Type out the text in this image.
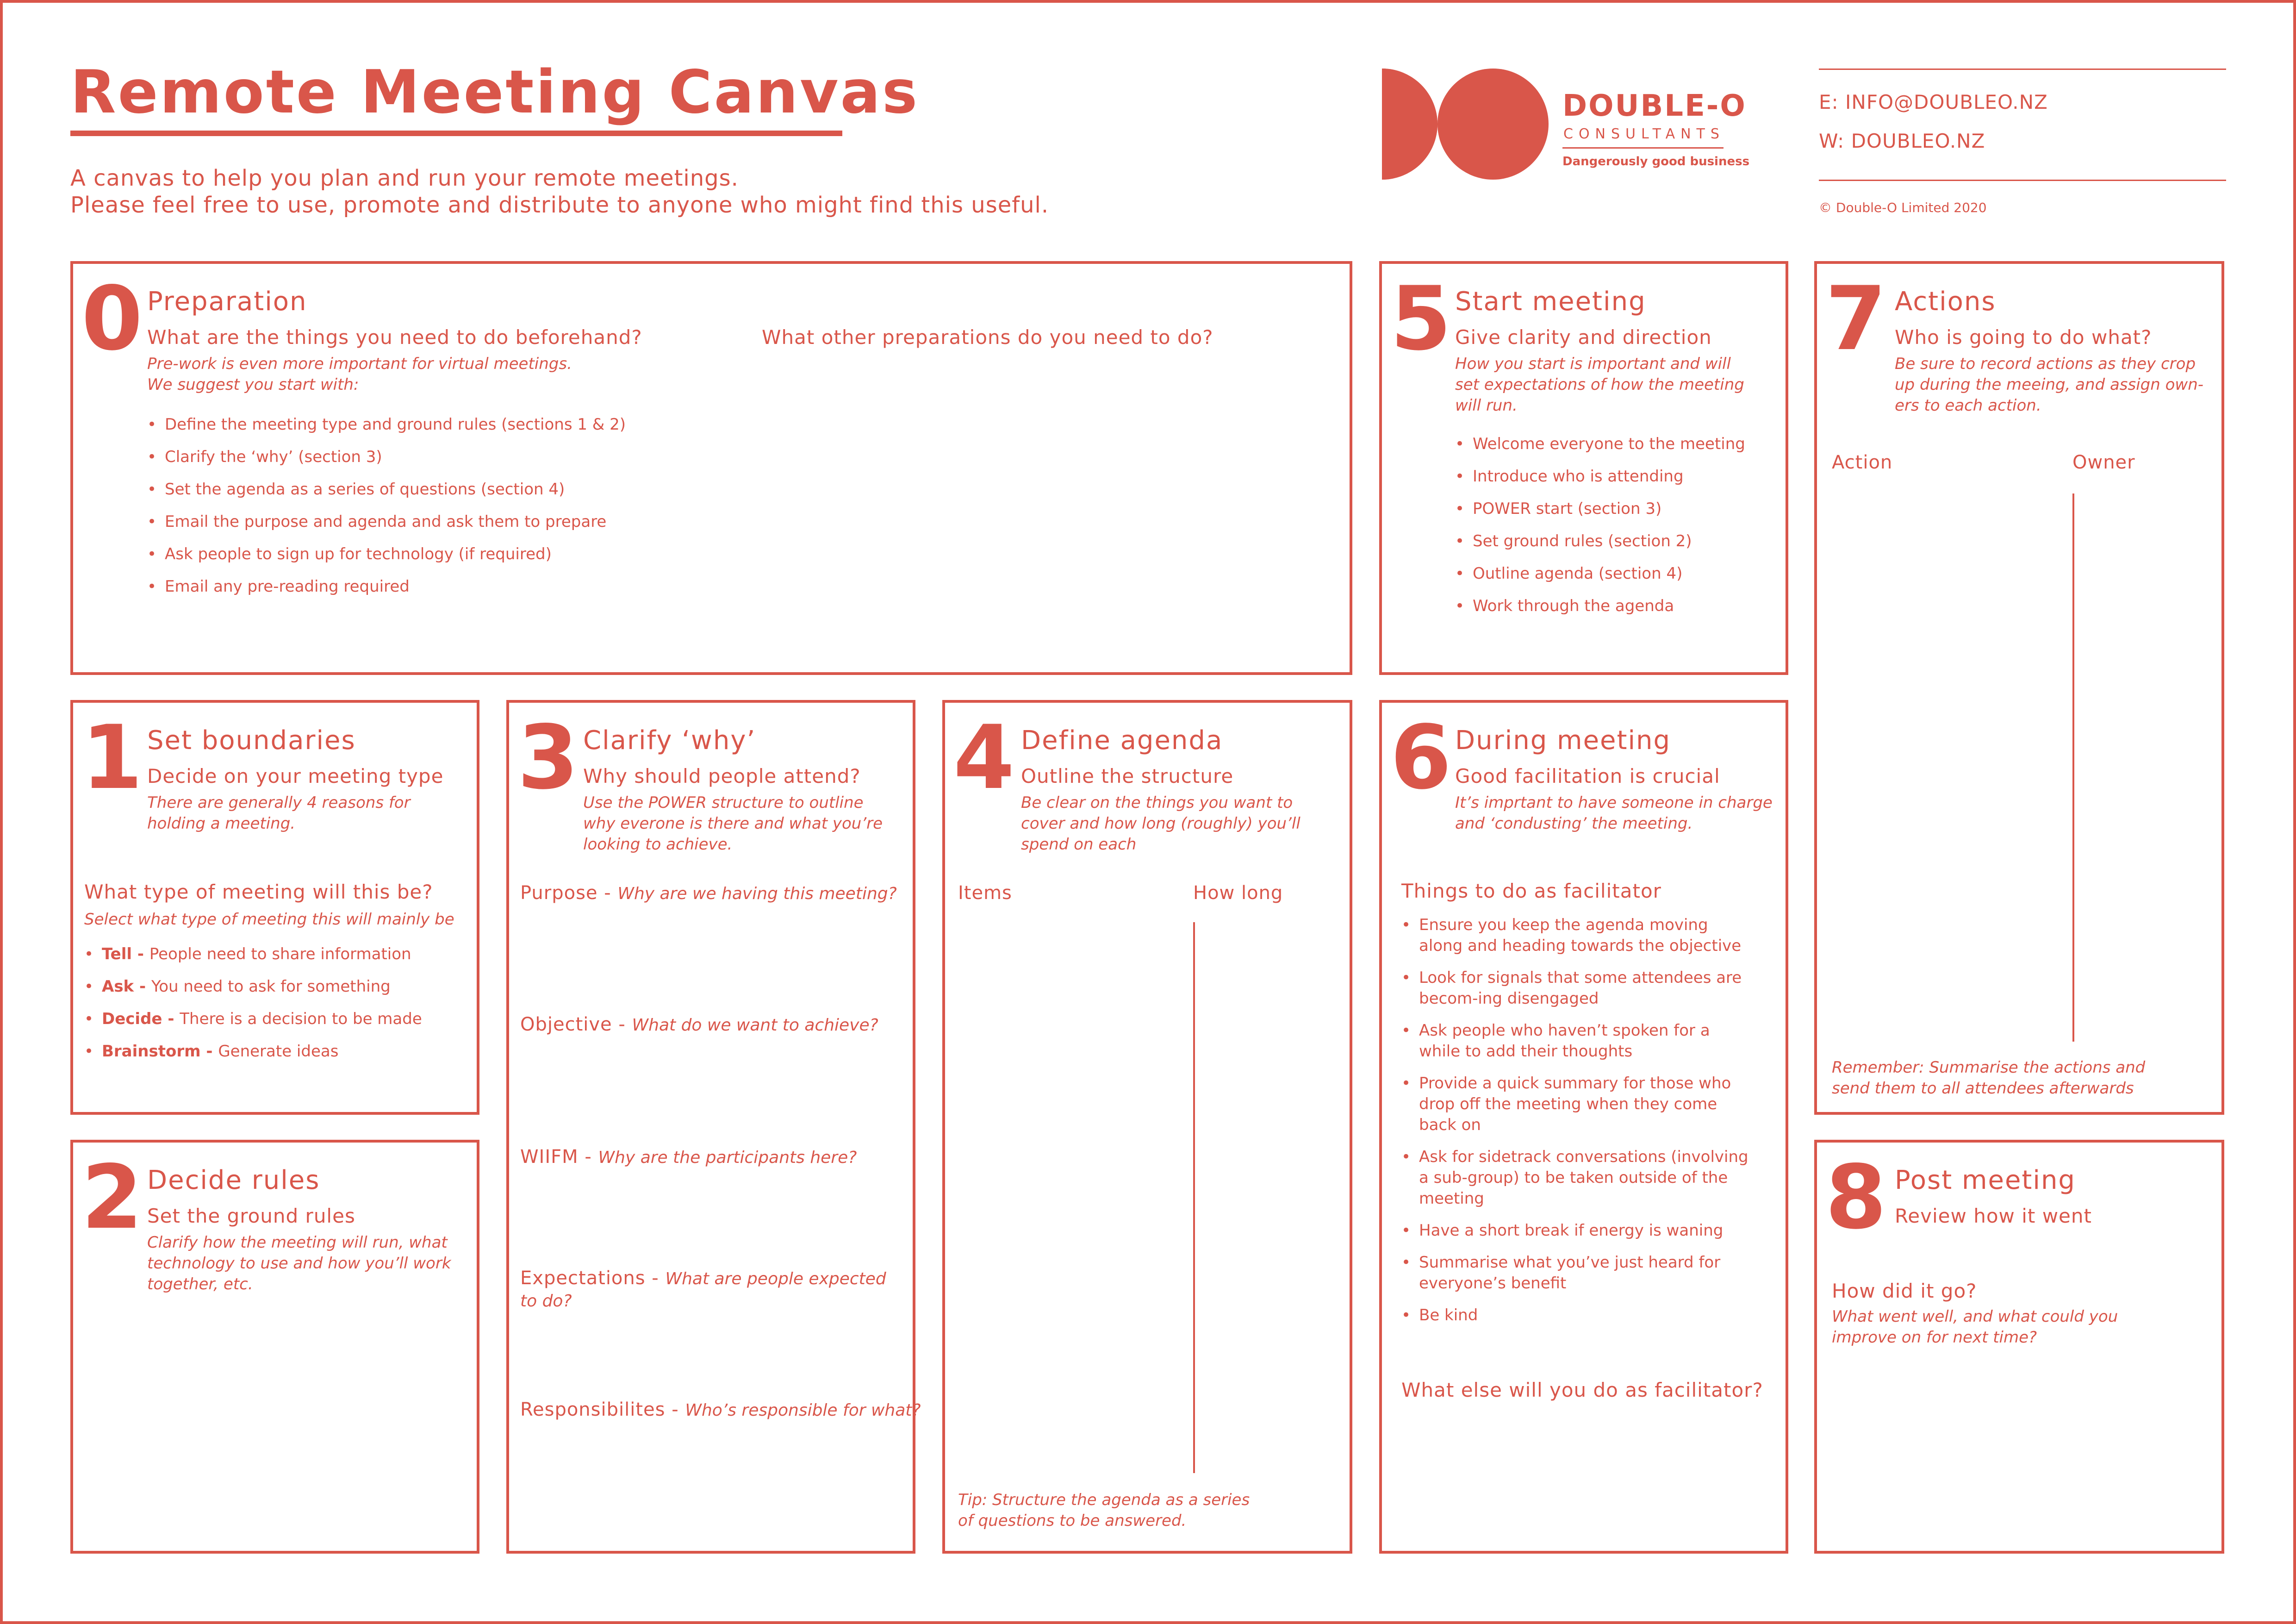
Remote Meeting Canvas
A canvas to help you plan and run your remote meetings.
Please feel free to use, promote and distribute to anyone who might find this useful.
DOUBLE-O
CONSULTANTS
Dangerously good business
E: INFO@DOUBLEO.NZ
W: DOUBLEO.NZ
© Double-O Limited 2020
0 Preparation
What are the things you need to do beforehand?
Pre-work is even more important for virtual meetings.
We suggest you start with:
• Define the meeting type and ground rules (sections 1 & 2)
• Clarify the ‘why’ (section 3)
• Set the agenda as a series of questions (section 4)
• Email the purpose and agenda and ask them to prepare
• Ask people to sign up for technology (if required)
• Email any pre-reading required
What other preparations do you need to do? 5 Start meeting
Give clarity and direction
How you start is important and will
set expectations of how the meeting
will run.
• Welcome everyone to the meeting
• Introduce who is attending
• POWER start (section 3)
• Set ground rules (section 2)
• Outline agenda (section 4)
• Work through the agenda
7 Actions
Who is going to do what?
Be sure to record actions as they crop
up during the meeing, and assign own-
ers to each action.
Action	Owner
Remember: Summarise the actions and
send them to all attendees afterwards
1 Set boundaries
Decide on your meeting type
There are generally 4 reasons for
holding a meeting.
What type of meeting will this be?
Select what type of meeting this will mainly be
• Tell - People need to share information
• Ask - You need to ask for something
• Decide - There is a decision to be made
• Brainstorm - Generate ideas
2 Decide rules
Set the ground rules
Clarify how the meeting will run, what
technology to use and how you’ll work
together, etc.
3 Clarify ‘why’
Why should people attend?
Use the POWER structure to outline
why everone is there and what you’re
looking to achieve.
Purpose - Why are we having this meeting?
Objective - What do we want to achieve?
WIIFM - Why are the participants here?
Expectations - What are people expected
to do?
Responsibilites - Who’s responsible for what?
4 Define agenda
Outline the structure
Be clear on the things you want to
cover and how long (roughly) you’ll
spend on each
Items	How long
Tip: Structure the agenda as a series
of questions to be answered.
6 During meeting
Good facilitation is crucial
It’s imprtant to have someone in charge
and ‘condusting’ the meeting.
Things to do as facilitator
• Ensure you keep the agenda moving
along and heading towards the objective
• Look for signals that some attendees are
becom-ing disengaged
• Ask people who haven’t spoken for a
while to add their thoughts
• Provide a quick summary for those who
drop off the meeting when they come
back on
• Ask for sidetrack conversations (involving
a sub-group) to be taken outside of the
meeting
• Have a short break if energy is waning
• Summarise what you’ve just heard for
everyone’s benefit
• Be kind
What else will you do as facilitator?
8 Post meeting
Review how it went
How did it go?
What went well, and what could you
improve on for next time?
